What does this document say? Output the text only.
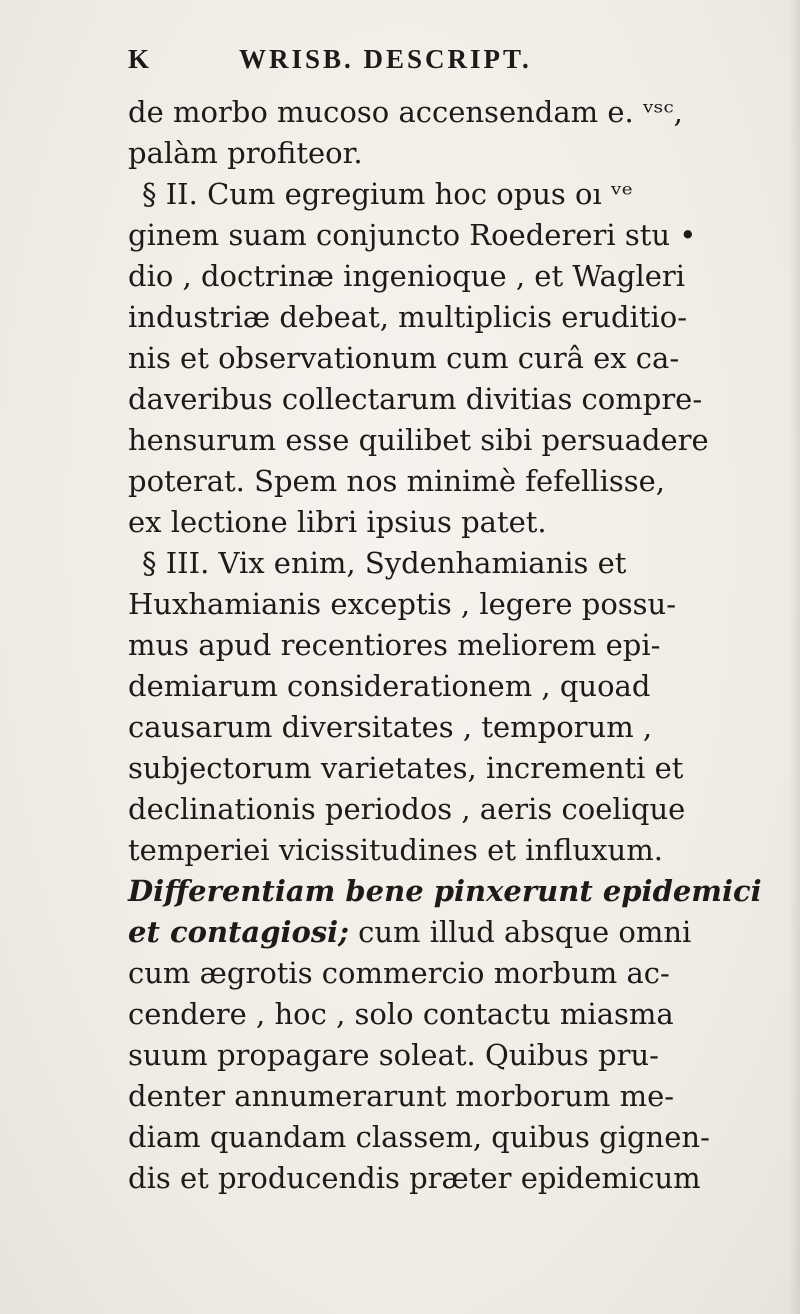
K	WRISB. DESCRIPT.
de morbo mucoso accensendam e. ᵛˢᶜ,
palàm profiteor.
§ II. Cum egregium hoc opus oı ᵛᵉ
ginem suam conjuncto Roedereri stu •
dio , doctrinæ ingenioque , et Wagleri
industriæ debeat, multiplicis eruditio-
nis et observationum cum curâ ex ca-
daveribus collectarum divitias compre-
hensurum esse quilibet sibi persuadere
poterat. Spem nos minimè fefellisse,
ex lectione libri ipsius patet.
§ III. Vix enim, Sydenhamianis et
Huxhamianis exceptis , legere possu-
mus apud recentiores meliorem epi-
demiarum considerationem , quoad
causarum diversitates , temporum ,
subjectorum varietates, incrementi et
declinationis periodos , aeris coelique
temperiei vicissitudines et influxum.
Differentiam bene pinxerunt epidemici
et contagiosi; cum illud absque omni
cum ægrotis commercio morbum ac-
cendere , hoc , solo contactu miasma
suum propagare soleat. Quibus pru-
denter annumerarunt morborum me-
diam quandam classem, quibus gignen-
dis et producendis præter epidemicum
